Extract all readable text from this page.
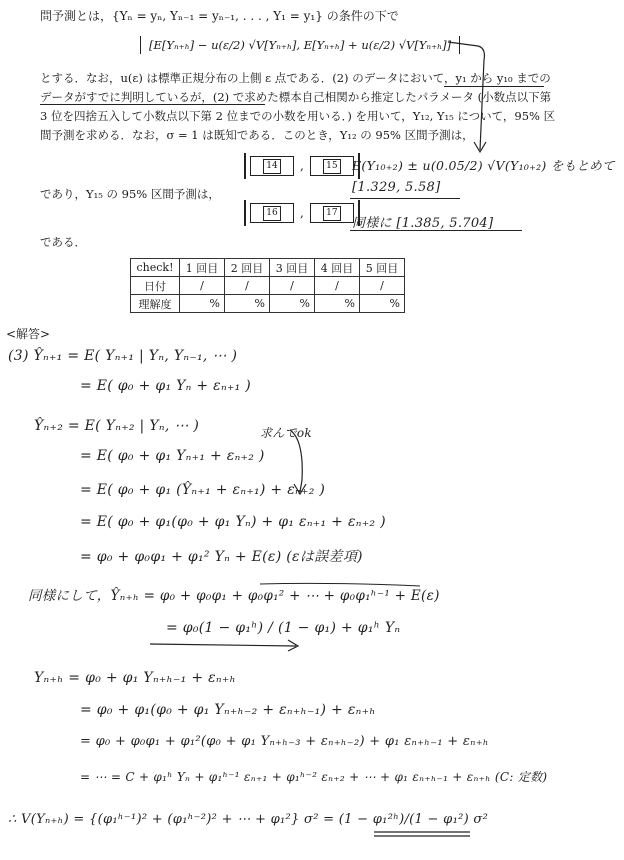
問予測とは，{Yₙ = yₙ, Yₙ₋₁ = yₙ₋₁, . . . , Y₁ = y₁} の条件の下で
[E[Yₙ₊ₕ] − u(ε/2) √V[Yₙ₊ₕ], E[Yₙ₊ₕ] + u(ε/2) √V[Yₙ₊ₕ]]
とする．なお，u(ε) は標準正規分布の上側 ε 点である．(2) のデータにおいて，y₁ から y₁₀ までの
データがすでに判明しているが，(2) で求めた標本自己相関から推定したパラメータ (小数点以下第
3 位を四捨五入して小数点以下第 2 位までの小数を用いる．) を用いて，Y₁₂, Y₁₅ について，95% 区
間予測を求める．なお，σ = 1 は既知である．このとき，Y₁₂ の 95% 区間予測は，
14 ,	15
であり，Y₁₅ の 95% 区間予測は，
16 ,	17
である．
E(Y₁₀₊₂) ± u(0.05/2) √V(Y₁₀₊₂) をもとめて
[1.329, 5.58]
同様に [1.385, 5.704]
check!	1 回目	2 回目	3 回目	4 回目	5 回目
日付	/	/	/	/	/
理解度	%	%	%	%	%
<解答>
(3) Ŷₙ₊₁ = E( Yₙ₊₁ | Yₙ, Yₙ₋₁, ⋯ )
= E( φ₀ + φ₁ Yₙ + εₙ₊₁ )
Ŷₙ₊₂ = E( Yₙ₊₂ | Yₙ, ⋯ )	求んでok
= E( φ₀ + φ₁ Yₙ₊₁ + εₙ₊₂ )
= E( φ₀ + φ₁ (Ŷₙ₊₁ + εₙ₊₁) + εₙ₊₂ )
= E( φ₀ + φ₁(φ₀ + φ₁ Yₙ) + φ₁ εₙ₊₁ + εₙ₊₂ )
= φ₀ + φ₀φ₁ + φ₁² Yₙ + E(ε) (εは誤差項)
同様にして，Ŷₙ₊ₕ = φ₀ + φ₀φ₁ + φ₀φ₁² + ⋯ + φ₀φ₁ʰ⁻¹ + E(ε)
= φ₀(1 − φ₁ʰ) / (1 − φ₁) + φ₁ʰ Yₙ
Yₙ₊ₕ = φ₀ + φ₁ Yₙ₊ₕ₋₁ + εₙ₊ₕ
= φ₀ + φ₁(φ₀ + φ₁ Yₙ₊ₕ₋₂ + εₙ₊ₕ₋₁) + εₙ₊ₕ
= φ₀ + φ₀φ₁ + φ₁²(φ₀ + φ₁ Yₙ₊ₕ₋₃ + εₙ₊ₕ₋₂) + φ₁ εₙ₊ₕ₋₁ + εₙ₊ₕ
= ⋯ = C + φ₁ʰ Yₙ + φ₁ʰ⁻¹ εₙ₊₁ + φ₁ʰ⁻² εₙ₊₂ + ⋯ + φ₁ εₙ₊ₕ₋₁ + εₙ₊ₕ (C: 定数)
∴ V(Yₙ₊ₕ) = {(φ₁ʰ⁻¹)² + (φ₁ʰ⁻²)² + ⋯ + φ₁²} σ² = (1 − φ₁²ʰ)/(1 − φ₁²) σ²
